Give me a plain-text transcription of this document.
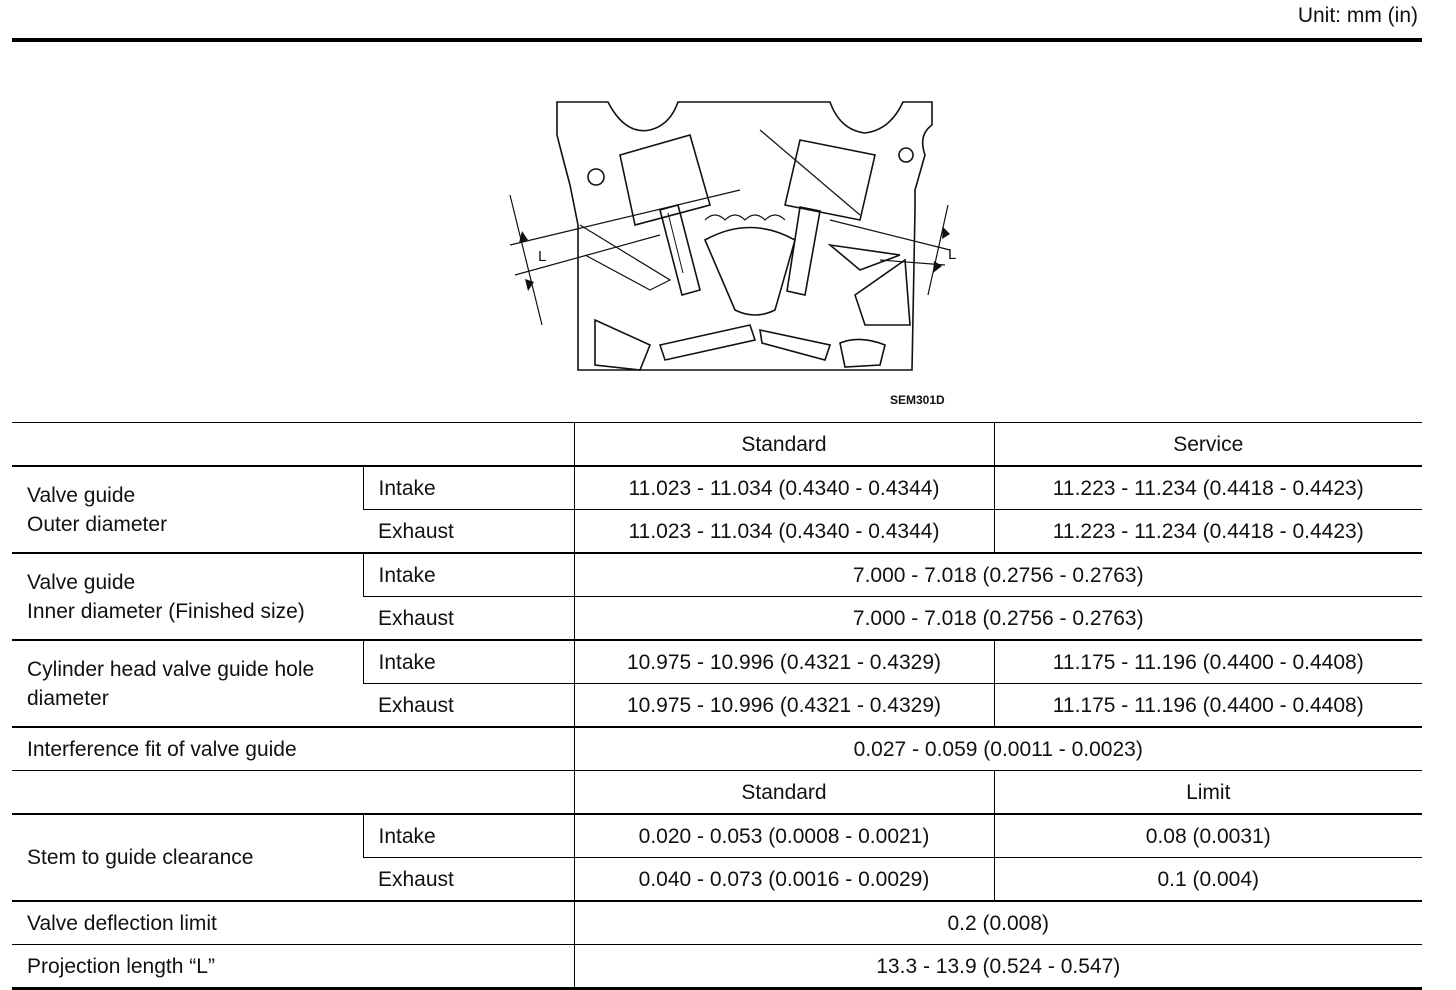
Unit: mm (in)
L	L
SEM301D
		Standard	Service
Valve guide
Outer diameter	Intake	11.023 - 11.034 (0.4340 - 0.4344)	11.223 - 11.234 (0.4418 - 0.4423)
	Exhaust	11.023 - 11.034 (0.4340 - 0.4344)	11.223 - 11.234 (0.4418 - 0.4423)
Valve guide
Inner diameter (Finished size)	Intake	7.000 - 7.018 (0.2756 - 0.2763)	
	Exhaust	7.000 - 7.018 (0.2756 - 0.2763)	
Cylinder head valve guide hole
diameter	Intake	10.975 - 10.996 (0.4321 - 0.4329)	11.175 - 11.196 (0.4400 - 0.4408)
	Exhaust	10.975 - 10.996 (0.4321 - 0.4329)	11.175 - 11.196 (0.4400 - 0.4408)
Interference fit of valve guide		0.027 - 0.059 (0.0011 - 0.0023)	
		Standard	Limit
Stem to guide clearance	Intake	0.020 - 0.053 (0.0008 - 0.0021)	0.08 (0.0031)
	Exhaust	0.040 - 0.073 (0.0016 - 0.0029)	0.1 (0.004)
Valve deflection limit		0.2 (0.008)	
Projection length “L”		13.3 - 13.9 (0.524 - 0.547)	
